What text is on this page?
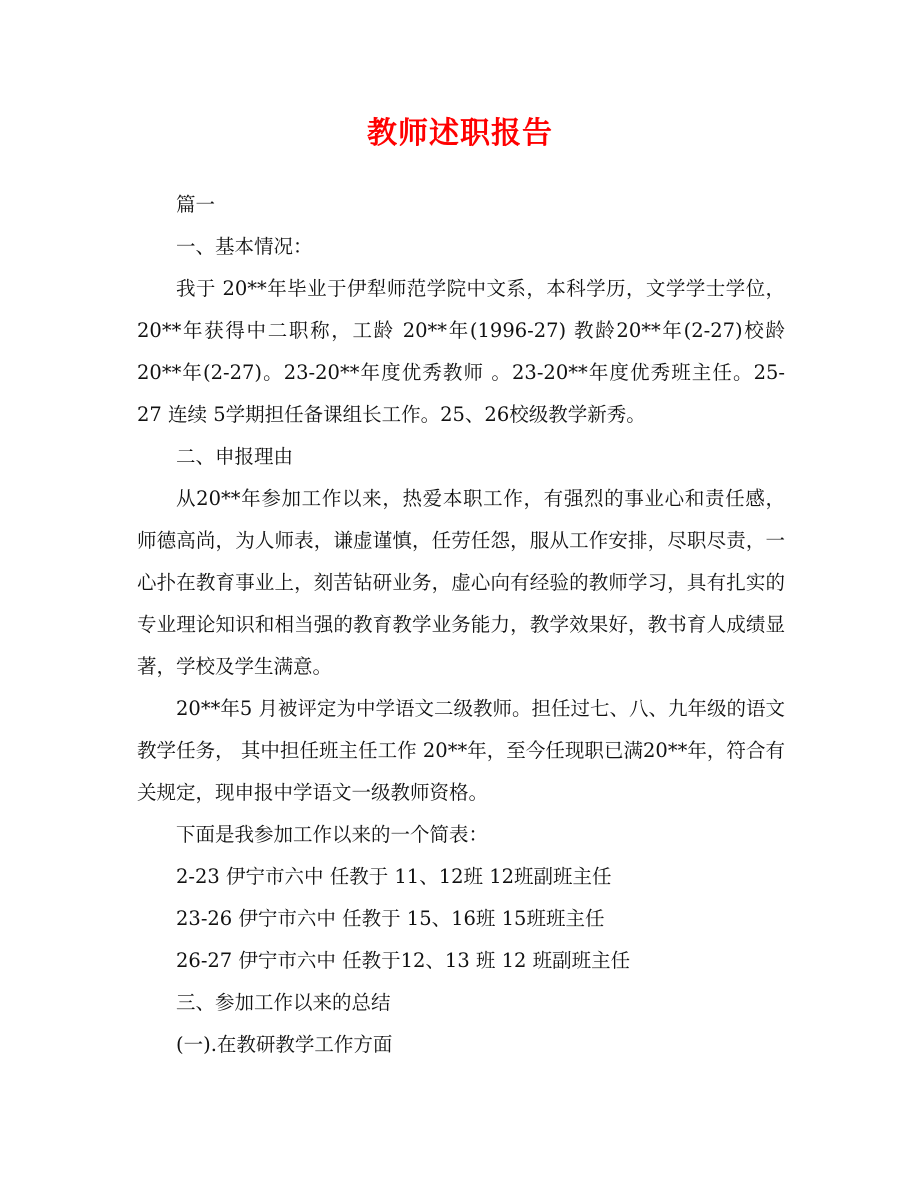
教师述职报告

篇一

一、基本情况：

我于 20**年毕业于伊犁师范学院中文系，本科学历，文学学士学位，20**年获得中二职称，工龄 20**年(1996-27) 教龄20**年(2-27)校龄20**年(2-27)。23-20**年度优秀教师 。23-20**年度优秀班主任。25-27 连续 5学期担任备课组长工作。25、26校级教学新秀。

二、申报理由

从20**年参加工作以来，热爱本职工作，有强烈的事业心和责任感，师德高尚，为人师表，谦虚谨慎，任劳任怨，服从工作安排，尽职尽责，一心扑在教育事业上，刻苦钻研业务，虚心向有经验的教师学习，具有扎实的专业理论知识和相当强的教育教学业务能力，教学效果好，教书育人成绩显著，学校及学生满意。

20**年5 月被评定为中学语文二级教师。担任过七、八、九年级的语文教学任务， 其中担任班主任工作 20**年，至今任现职已满20**年，符合有关规定，现申报中学语文一级教师资格。

下面是我参加工作以来的一个简表：

2-23 伊宁市六中 任教于 11、12班 12班副班主任

23-26 伊宁市六中 任教于 15、16班 15班班主任

26-27 伊宁市六中 任教于12、13 班 12 班副班主任

三、参加工作以来的总结

(一).在教研教学工作方面
